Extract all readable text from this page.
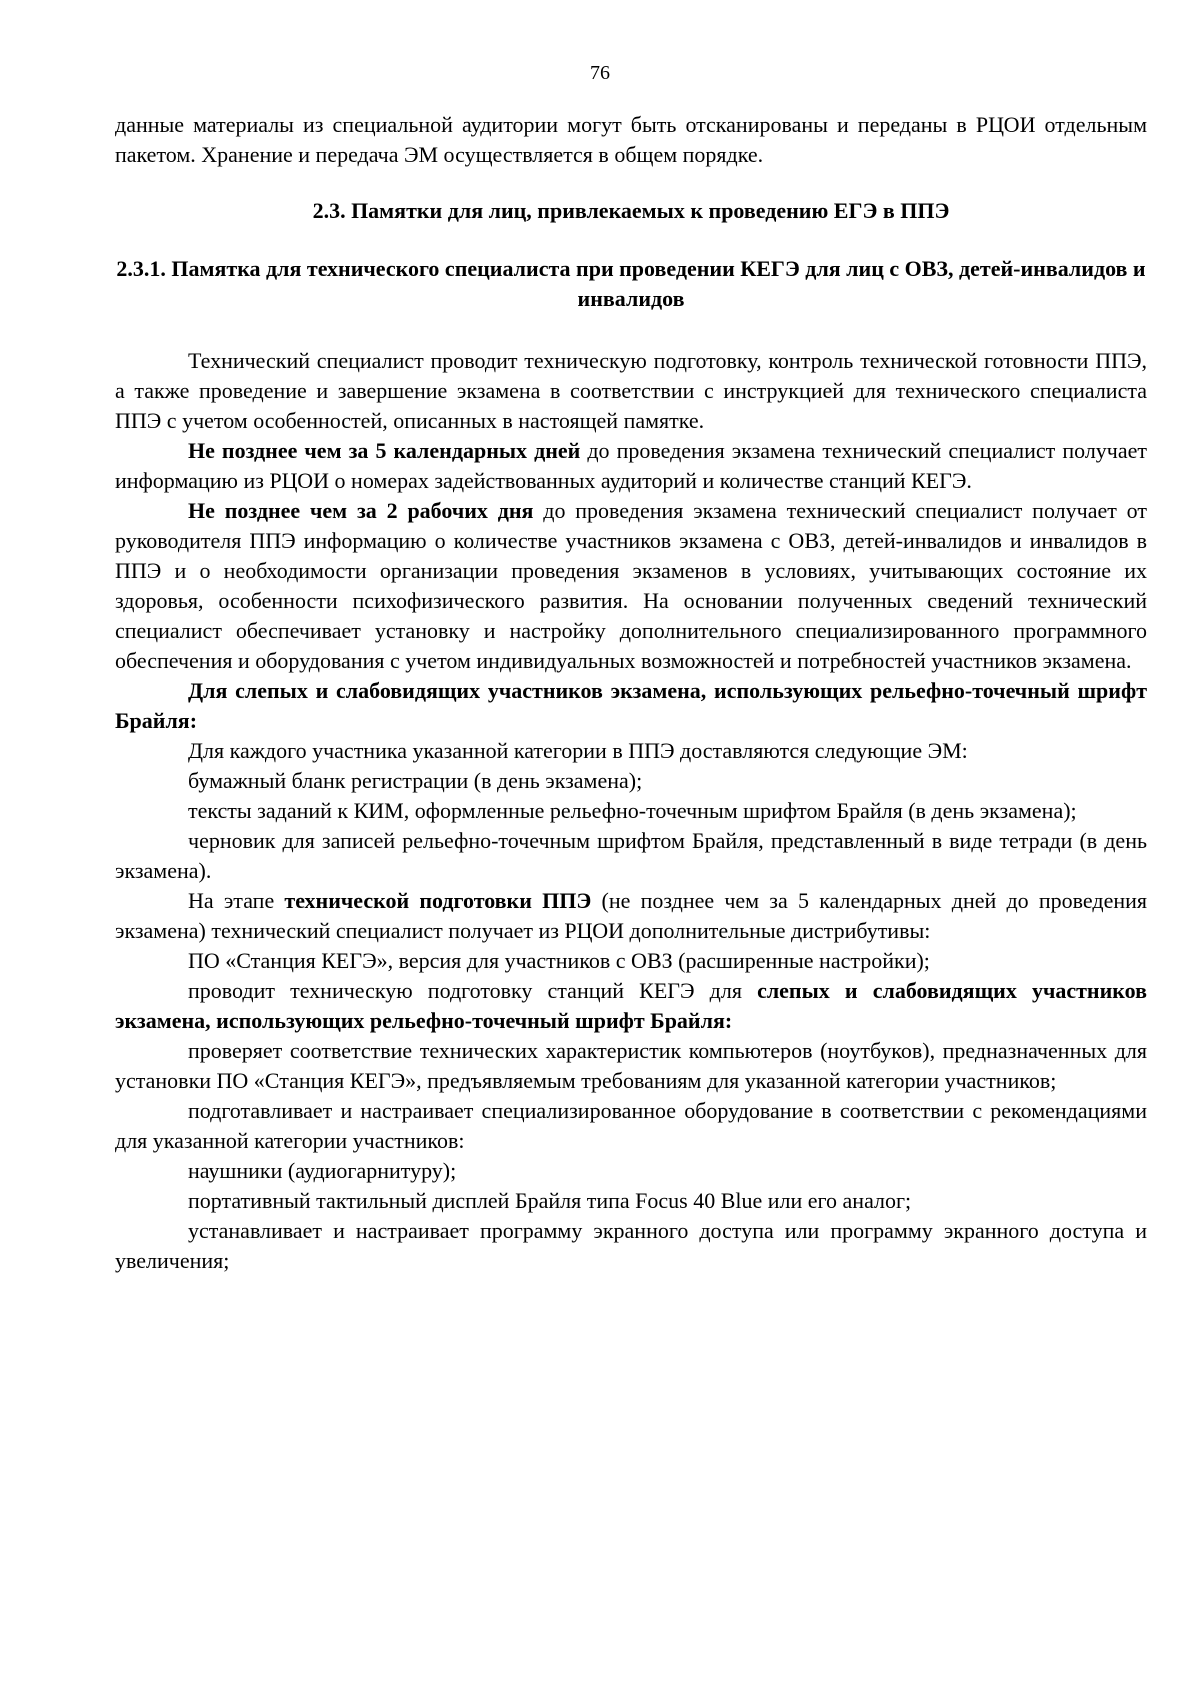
76

данные материалы из специальной аудитории могут быть отсканированы и переданы в РЦОИ отдельным пакетом. Хранение и передача ЭМ осуществляется в общем порядке.

2.3. Памятки для лиц, привлекаемых к проведению ЕГЭ в ППЭ

2.3.1. Памятка для технического специалиста при проведении КЕГЭ для лиц с ОВЗ, детей-инвалидов и инвалидов

Технический специалист проводит техническую подготовку, контроль технической готовности ППЭ, а также проведение и завершение экзамена в соответствии с инструкцией для технического специалиста ППЭ с учетом особенностей, описанных в настоящей памятке.

Не позднее чем за 5 календарных дней до проведения экзамена технический специалист получает информацию из РЦОИ о номерах задействованных аудиторий и количестве станций КЕГЭ.

Не позднее чем за 2 рабочих дня до проведения экзамена технический специалист получает от руководителя ППЭ информацию о количестве участников экзамена с ОВЗ, детей-инвалидов и инвалидов в ППЭ и о необходимости организации проведения экзаменов в условиях, учитывающих состояние их здоровья, особенности психофизического развития. На основании полученных сведений технический специалист обеспечивает установку и настройку дополнительного специализированного программного обеспечения и оборудования с учетом индивидуальных возможностей и потребностей участников экзамена.

Для слепых и слабовидящих участников экзамена, использующих рельефно-точечный шрифт Брайля:

Для каждого участника указанной категории в ППЭ доставляются следующие ЭМ:

бумажный бланк регистрации (в день экзамена);

тексты заданий к КИМ, оформленные рельефно-точечным шрифтом Брайля (в день экзамена);

черновик для записей рельефно-точечным шрифтом Брайля, представленный в виде тетради (в день экзамена).

На этапе технической подготовки ППЭ (не позднее чем за 5 календарных дней до проведения экзамена) технический специалист получает из РЦОИ дополнительные дистрибутивы:

ПО «Станция КЕГЭ», версия для участников с ОВЗ (расширенные настройки);

проводит техническую подготовку станций КЕГЭ для слепых и слабовидящих участников экзамена, использующих рельефно-точечный шрифт Брайля:

проверяет соответствие технических характеристик компьютеров (ноутбуков), предназначенных для установки ПО «Станция КЕГЭ», предъявляемым требованиям для указанной категории участников;

подготавливает и настраивает специализированное оборудование в соответствии с рекомендациями для указанной категории участников:

наушники (аудиогарнитуру);

портативный тактильный дисплей Брайля типа Focus 40 Blue или его аналог;

устанавливает и настраивает программу экранного доступа или программу экранного доступа и увеличения;
